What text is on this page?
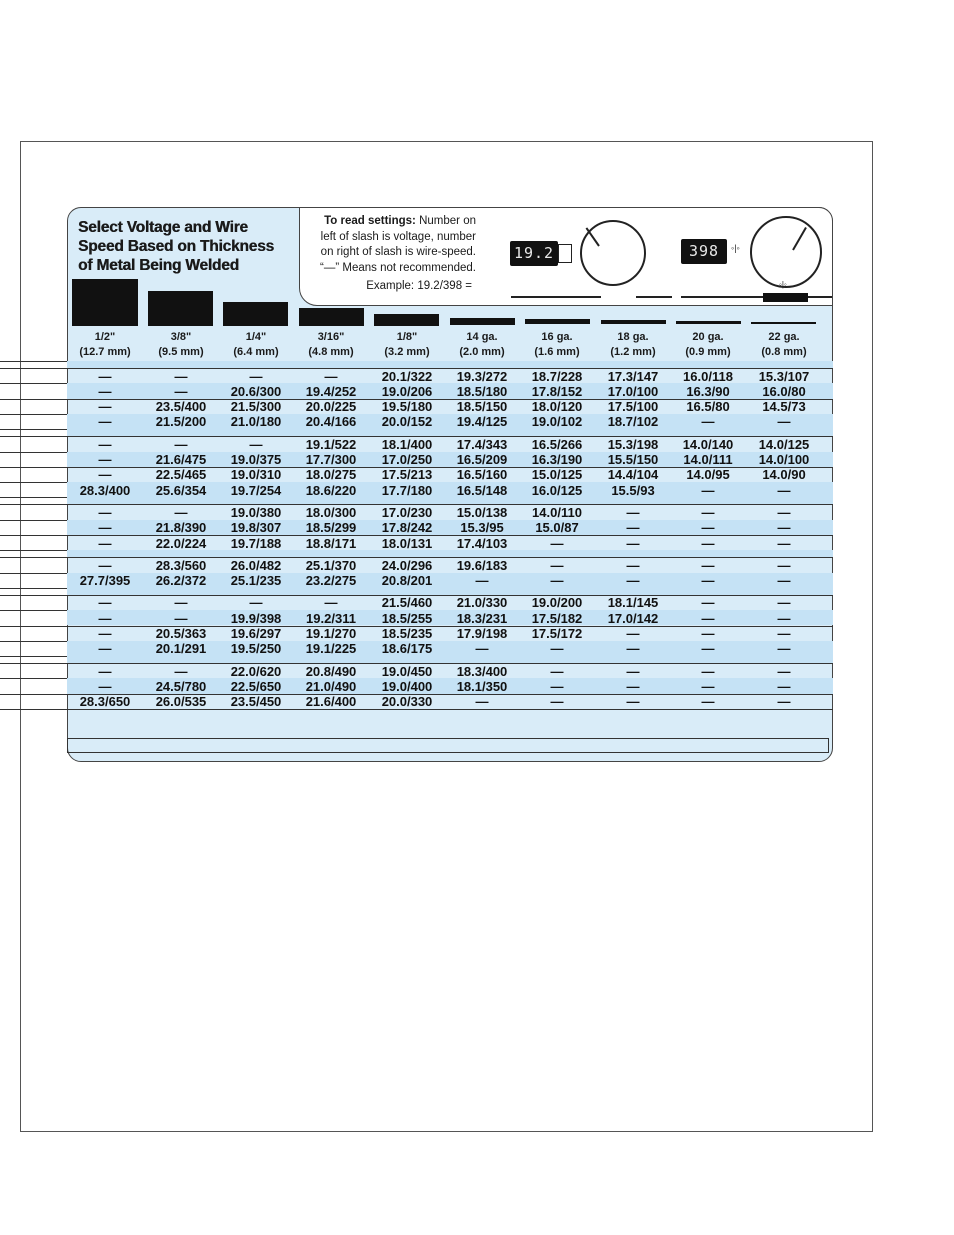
Select Voltage and Wire
Speed Based on Thickness
of Metal Being Welded
To read settings: Number on left of slash is voltage, number on right of slash is wire-speed. “—” Means not recommended.
Example: 19.2/398 =
19.2	398	◦|◦
◦|◦
1/2"
(12.7 mm)
3/8"
(9.5 mm)
1/4"
(6.4 mm)
3/16"
(4.8 mm)
1/8"
(3.2 mm)
14 ga.
(2.0 mm)
16 ga.
(1.6 mm)
18 ga.
(1.2 mm)
20 ga.
(0.9 mm)
22 ga.
(0.8 mm)
—	—	—	—	20.1/322	19.3/272	18.7/228	17.3/147	16.0/118	15.3/107
—	—	20.6/300	19.4/252	19.0/206	18.5/180	17.8/152	17.0/100	16.3/90	16.0/80
—	23.5/400	21.5/300	20.0/225	19.5/180	18.5/150	18.0/120	17.5/100	16.5/80	14.5/73
—	21.5/200	21.0/180	20.4/166	20.0/152	19.4/125	19.0/102	18.7/102	—	—
—	—	—	19.1/522	18.1/400	17.4/343	16.5/266	15.3/198	14.0/140	14.0/125
—	21.6/475	19.0/375	17.7/300	17.0/250	16.5/209	16.3/190	15.5/150	14.0/111	14.0/100
—	22.5/465	19.0/310	18.0/275	17.5/213	16.5/160	15.0/125	14.4/104	14.0/95	14.0/90
28.3/400	25.6/354	19.7/254	18.6/220	17.7/180	16.5/148	16.0/125	15.5/93	—	—
—	—	19.0/380	18.0/300	17.0/230	15.0/138	14.0/110	—	—	—
—	21.8/390	19.8/307	18.5/299	17.8/242	15.3/95	15.0/87	—	—	—
—	22.0/224	19.7/188	18.8/171	18.0/131	17.4/103	—	—	—	—
—	28.3/560	26.0/482	25.1/370	24.0/296	19.6/183	—	—	—	—
27.7/395	26.2/372	25.1/235	23.2/275	20.8/201	—	—	—	—	—
—	—	—	—	21.5/460	21.0/330	19.0/200	18.1/145	—	—
—	—	19.9/398	19.2/311	18.5/255	18.3/231	17.5/182	17.0/142	—	—
—	20.5/363	19.6/297	19.1/270	18.5/235	17.9/198	17.5/172	—	—	—
—	20.1/291	19.5/250	19.1/225	18.6/175	—	—	—	—	—
—	—	22.0/620	20.8/490	19.0/450	18.3/400	—	—	—	—
—	24.5/780	22.5/650	21.0/490	19.0/400	18.1/350	—	—	—	—
28.3/650	26.0/535	23.5/450	21.6/400	20.0/330	—	—	—	—	—
